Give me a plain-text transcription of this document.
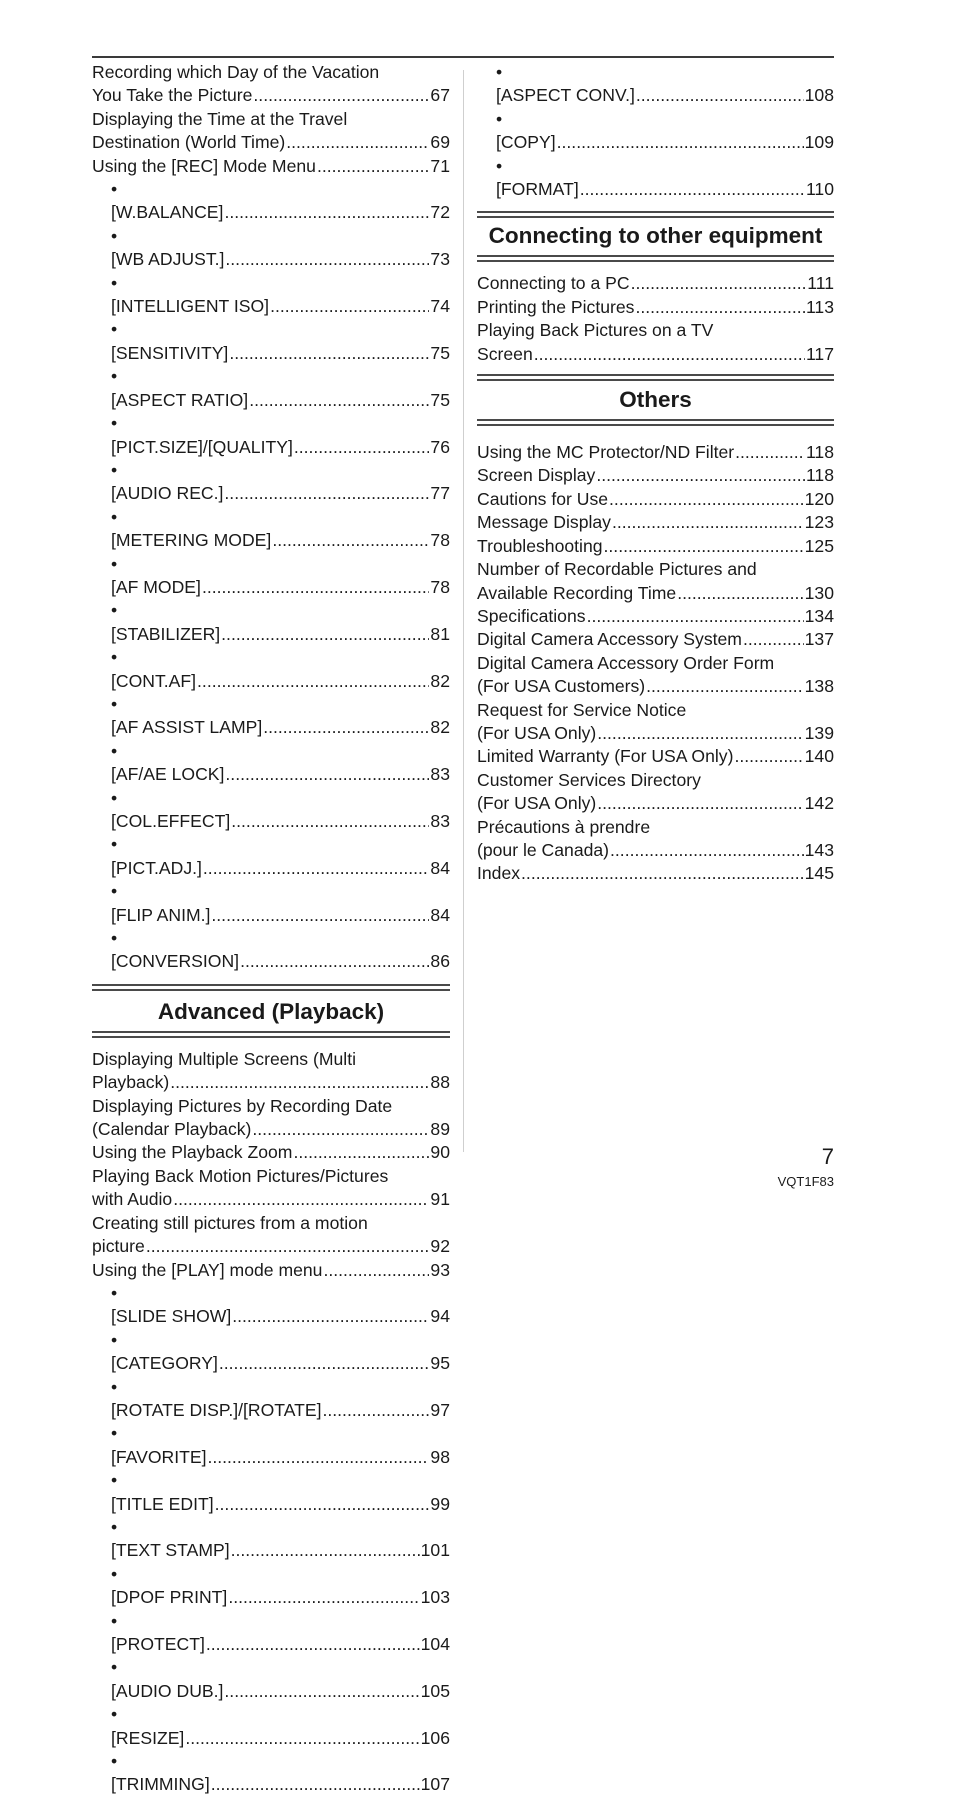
Recording which Day of the Vacation
You Take the Picture .....	67
Displaying the Time at the Travel
Destination (World Time) .....	69
Using the [REC] Mode Menu .....	71
• [W.BALANCE] .....	72
• [WB ADJUST.] .....	73
• [INTELLIGENT ISO] .....	74
• [SENSITIVITY] .....	75
• [ASPECT RATIO] .....	75
• [PICT.SIZE]/[QUALITY] .....	76
• [AUDIO REC.] .....	77
• [METERING MODE] .....	78
• [AF MODE] .....	78
• [STABILIZER] .....	81
• [CONT.AF] .....	82
• [AF ASSIST LAMP] .....	82
• [AF/AE LOCK] .....	83
• [COL.EFFECT] .....	83
• [PICT.ADJ.] .....	84
• [FLIP ANIM.] .....	84
• [CONVERSION] .....	86
Advanced (Playback)
Displaying Multiple Screens (Multi
Playback) .....	88
Displaying Pictures by Recording Date
(Calendar Playback) .....	89
Using the Playback Zoom .....	90
Playing Back Motion Pictures/Pictures
with Audio .....	91
Creating still pictures from a motion
picture .....	92
Using the [PLAY] mode menu .....	93
• [SLIDE SHOW] .....	94
• [CATEGORY] .....	95
• [ROTATE DISP.]/[ROTATE] .....	97
• [FAVORITE] .....	98
• [TITLE EDIT] .....	99
• [TEXT STAMP] .....	101
• [DPOF PRINT] .....	103
• [PROTECT] .....	104
• [AUDIO DUB.] .....	105
• [RESIZE] .....	106
• [TRIMMING] .....	107
• [ASPECT CONV.] .....	108
• [COPY] .....	109
• [FORMAT] .....	110
Connecting to other equipment
Connecting to a PC .....	111
Printing the Pictures .....	113
Playing Back Pictures on a TV
Screen .....	117
Others
Using the MC Protector/ND Filter .....	118
Screen Display .....	118
Cautions for Use .....	120
Message Display .....	123
Troubleshooting .....	125
Number of Recordable Pictures and
Available Recording Time .....	130
Specifications .....	134
Digital Camera Accessory System .....	137
Digital Camera Accessory Order Form
(For USA Customers) .....	138
Request for Service Notice
(For USA Only) .....	139
Limited Warranty (For USA Only) .....	140
Customer Services Directory
(For USA Only) .....	142
Précautions à prendre
(pour le Canada) .....	143
Index .....	145
7
VQT1F83
